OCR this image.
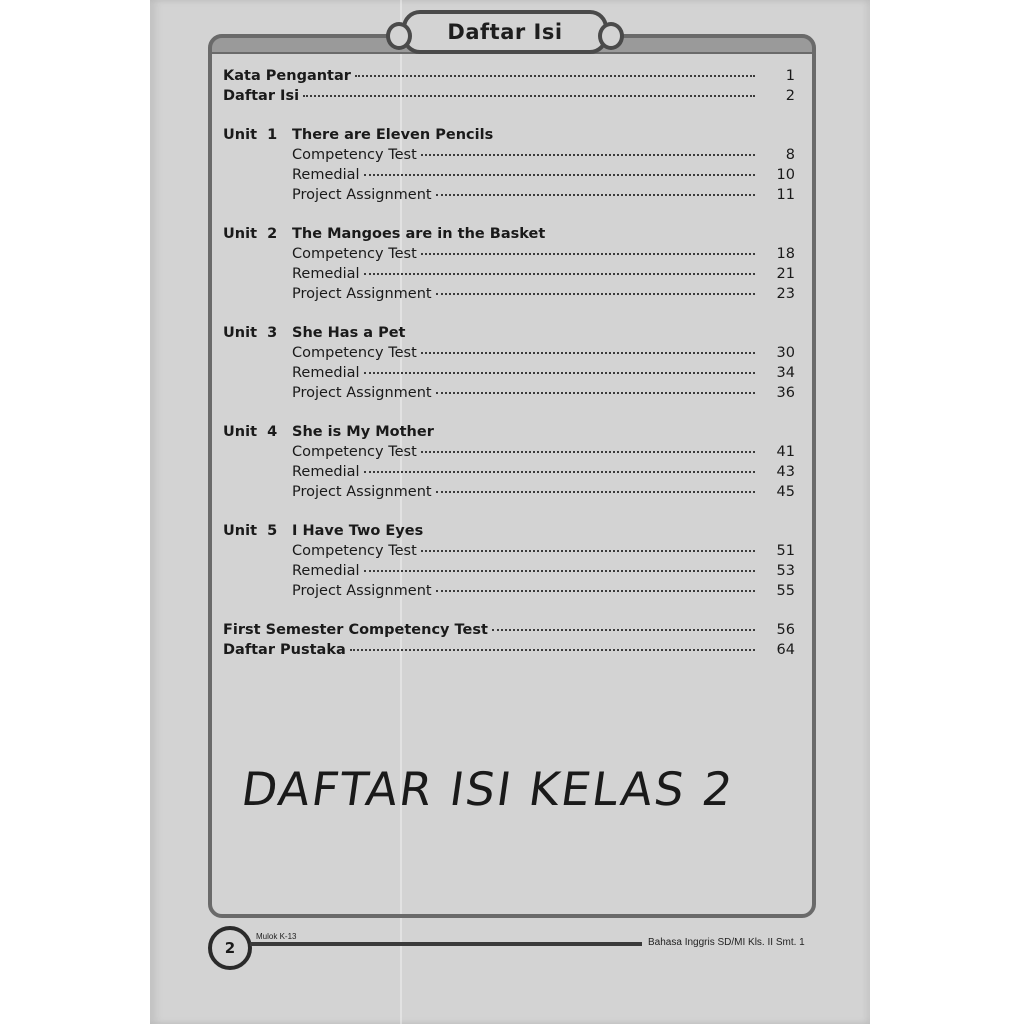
Daftar Isi
Kata Pengantar	1
Daftar Isi	2
Unit  1	There are Eleven Pencils
Competency Test	8
Remedial	10
Project Assignment	11
Unit  2	The Mangoes are in the Basket
Competency Test	18
Remedial	21
Project Assignment	23
Unit  3	She Has a Pet
Competency Test	30
Remedial	34
Project Assignment	36
Unit  4	She is My Mother
Competency Test	41
Remedial	43
Project Assignment	45
Unit  5	I Have Two Eyes
Competency Test	51
Remedial	53
Project Assignment	55
First Semester Competency Test	56
Daftar Pustaka	64
DAFTAR ISI KELAS 2
2
Mulok K-13
Bahasa Inggris SD/MI Kls. II Smt. 1
